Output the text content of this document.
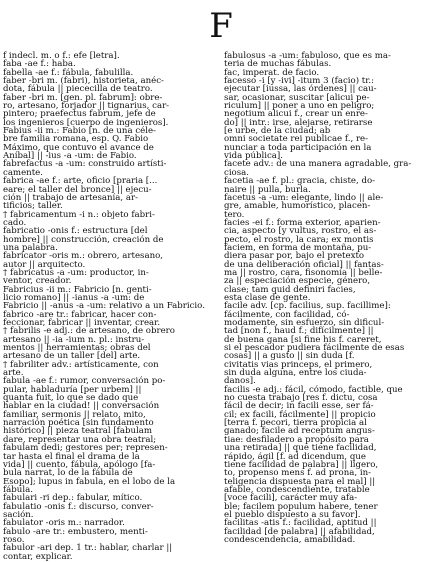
F
f indecl. m. o f.: efe [letra].
faba -ae f.: haba.
fabella -ae f.: fábula, fabulilla.
faber -bri m. (fabri), historieta, anéc-
dota, fábula || piececilla de teatro.
faber -bri m. [gen. pl. fabrum]: obre-
ro, artesano, forjador || tignarius, car-
pintero; praefectus fabrum, jefe de
los ingenieros [cuerpo de ingenieros].
Fabius -ii m.: Fabio [n. de una céle-
bre familia romana, esp. Q. Fabio
Máximo, que contuvo el avance de
Aníbal] || -ius -a -um: de Fabio.
fabrefactus -a -um: construido artísti-
camente.
fabrica -ae f.: arte, oficio [praria [...
eare; el taller del bronce] || ejecu-
ción || trabajo de artesanía, ar-
tificios; taller.
† fabricamentum -i n.: objeto fabri-
cado.
fabricatio -onis f.: estructura [del
hombre] || construcción, creación de
una palabra.
fabricator -oris m.: obrero, artesano,
autor || arquitecto.
† fabricatus -a -um: productor, in-
ventor, creador.
Fabricius -ii m.: Fabricio [n. genti-
licio romano] || -ianus -a -um: de
Fabricio || -anus -a -um: relativo a un Fabricio.
fabrico -are tr.: fabricar, hacer con-
feccionar, fabricar || inventar, crear.
† fabrilis -e adj.: de artesano, de obrero
artesano || -ia -ium n. pl.: instru-
mentos || herramientas; obras del
artesano de un taller [del] arte.
† fabriliter adv.: artísticamente, con
arte.
fabula -ae f.: rumor, conversación po-
pular, habladuría [per urbem] ||
quanta fuit, lo que se dado que
hablar en la ciudad! || conversación
familiar, sermonis || relato, mito,
narración poética [sin fundamento
histórico] || pieza teatral [fabulam
dare, representar una obra teatral;
fabulam dedi; gestores per; represen-
tar hasta el final el drama de la
vida] || cuento, fábula, apólogo [fa-
bula narrat, lo de la fábula de
Esopo]; lupus in fabula, en el lobo de la
fábula.
fabulari -ri dep.: fabular, mítico.
fabulatio -onis f.: discurso, conver-
sación.
fabulator -oris m.: narrador.
fabulo -are tr.: embustero, menti-
roso.
fabulor -ari dep. 1 tr.: hablar, charlar ||
contar, explicar.
fabulosus -a -um: fabuloso, que es ma-
teria de muchas fábulas.
fac, imperat. de facio.
facesso -i [y -ivi] -itum 3 (facio) tr.:
ejecutar [iussa, las órdenes] || cau-
sar, ocasionar, suscitar [alicui pe-
riculum] || poner a uno en peligro;
negotium alicui f., crear un enre-
do] || intr.: irse, alejarse, retirarse
[e urbe, de la ciudad; ab
omni societate rei publicae f., re-
nunciar a toda participación en la
vida pública].
facete adv.: de una manera agradable, gra-
ciosa.
facetia -ae f. pl.: gracia, chiste, do-
naire || pulla, burla.
facetus -a -um: elegante, lindo || ale-
gre, amable, humorístico, placen-
tero.
facies -ei f.: forma exterior, aparien-
cia, aspecto [y vultus, rostro, el as-
pecto, el rostro, la cara; ex montis
faciem, en forma de montaña, pu-
diera pasar por, bajo el pretexto
de una deliberación oficial] || fantas-
ma || rostro, cara, fisonomía || belle-
za || especiación especie, género,
clase; tam quid definiri facies,
esta clase de gente.
facile adv. [cp. facilius, sup. facillime]:
fácilmente, con facilidad, có-
modamente, sin esfuerzo, sin dificul-
tad [non f., haud f.; difícilmente] ||
de buena gana [si fine his f. careret,
si el pescador pudiera fácilmente de esas
cosas] || a gusto || sin duda [f.
civitatis vias princeps, el primero,
sin duda alguna, entre los ciuda-
danos].
facilis -e adj.: fácil, cómodo, factible, que
no cuesta trabajo [res f. dictu, cosa
fácil de decir; in facili esse, ser fá-
cil; ex facili, fácilmente] || propicio
[terra f. pecori, tierra propicia al
ganado; facile ad receptum angus-
tiae: desfiladero a propósito para
una retirada] || que tiene facilidad,
rápido, ágil [f. ad dicendum, que
tiene facilidad de palabra] || ligero,
to, propenso mens f. ad prona, in-
teligencia dispuesta para el mal] ||
afable, condescendiente, tratable
[voce facili], carácter muy afa-
ble; facilem populum habere, tener
el pueblo dispuesto a su favor].
facilitas -atis f.: facilidad, aptitud ||
facilidad [de palabra] || afabilidad,
condescendencia, amabilidad.
